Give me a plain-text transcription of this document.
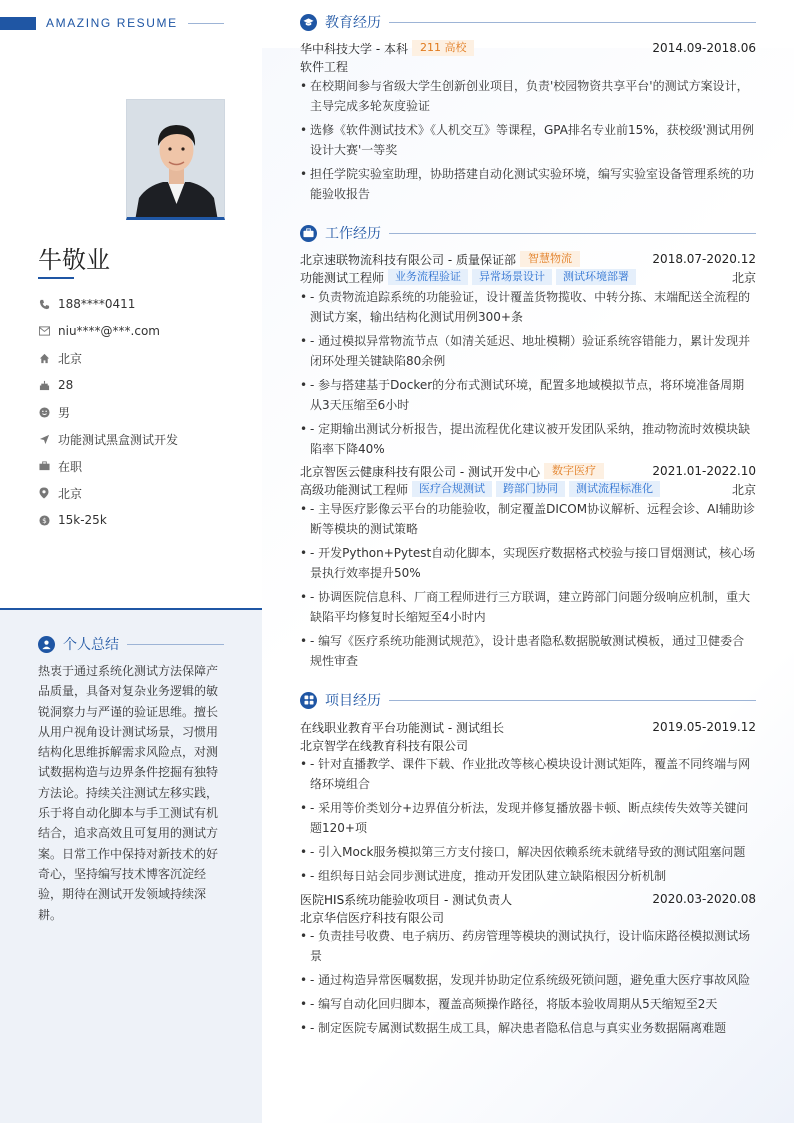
AMAZING RESUME
牛敬业
188****0411
niu****@***.com
北京
28
男
功能测试黑盒测试开发
在职
北京
$ 15k-25k
个人总结
热衷于通过系统化测试方法保障产品质量，具备对复杂业务逻辑的敏锐洞察力与严谨的验证思维。擅长从用户视角设计测试场景，习惯用结构化思维拆解需求风险点，对测试数据构造与边界条件挖掘有独特方法论。持续关注测试左移实践，乐于将自动化脚本与手工测试有机结合，追求高效且可复用的测试方案。日常工作中保持对新技术的好奇心，坚持编写技术博客沉淀经验，期待在测试开发领域持续深耕。
教育经历
华中科技大学 - 本科	211 高校	2014.09-2018.06
软件工程
• 在校期间参与省级大学生创新创业项目，负责'校园物资共享平台'的测试方案设计，主导完成多轮灰度验证
• 选修《软件测试技术》《人机交互》等课程，GPA排名专业前15%，获校级'测试用例设计大赛'一等奖
• 担任学院实验室助理，协助搭建自动化测试实验环境，编写实验室设备管理系统的功能验收报告
工作经历
北京速联物流科技有限公司 - 质量保证部	智慧物流	2018.07-2020.12
功能测试工程师	业务流程验证	异常场景设计	测试环境部署	北京
• - 负责物流追踪系统的功能验证，设计覆盖货物揽收、中转分拣、末端配送全流程的测试方案，输出结构化测试用例300+条
• - 通过模拟异常物流节点（如清关延迟、地址模糊）验证系统容错能力，累计发现并闭环处理关键缺陷80余例
• - 参与搭建基于Docker的分布式测试环境，配置多地域模拟节点，将环境准备周期从3天压缩至6小时
• - 定期输出测试分析报告，提出流程优化建议被开发团队采纳，推动物流时效模块缺陷率下降40%
北京智医云健康科技有限公司 - 测试开发中心	数字医疗	2021.01-2022.10
高级功能测试工程师	医疗合规测试	跨部门协同	测试流程标准化	北京
• - 主导医疗影像云平台的功能验收，制定覆盖DICOM协议解析、远程会诊、AI辅助诊断等模块的测试策略
• - 开发Python+Pytest自动化脚本，实现医疗数据格式校验与接口冒烟测试，核心场景执行效率提升50%
• - 协调医院信息科、厂商工程师进行三方联调，建立跨部门问题分级响应机制，重大缺陷平均修复时长缩短至4小时内
• - 编写《医疗系统功能测试规范》，设计患者隐私数据脱敏测试模板，通过卫健委合规性审查
项目经历
在线职业教育平台功能测试 - 测试组长	2019.05-2019.12
北京智学在线教育科技有限公司
• - 针对直播教学、课件下载、作业批改等核心模块设计测试矩阵，覆盖不同终端与网络环境组合
• - 采用等价类划分+边界值分析法，发现并修复播放器卡顿、断点续传失效等关键问题120+项
• - 引入Mock服务模拟第三方支付接口，解决因依赖系统未就绪导致的测试阻塞问题
• - 组织每日站会同步测试进度，推动开发团队建立缺陷根因分析机制
医院HIS系统功能验收项目 - 测试负责人	2020.03-2020.08
北京华信医疗科技有限公司
• - 负责挂号收费、电子病历、药房管理等模块的测试执行，设计临床路径模拟测试场景
• - 通过构造异常医嘱数据，发现并协助定位系统级死锁问题，避免重大医疗事故风险
• - 编写自动化回归脚本，覆盖高频操作路径，将版本验收周期从5天缩短至2天
• - 制定医院专属测试数据生成工具，解决患者隐私信息与真实业务数据隔离难题
